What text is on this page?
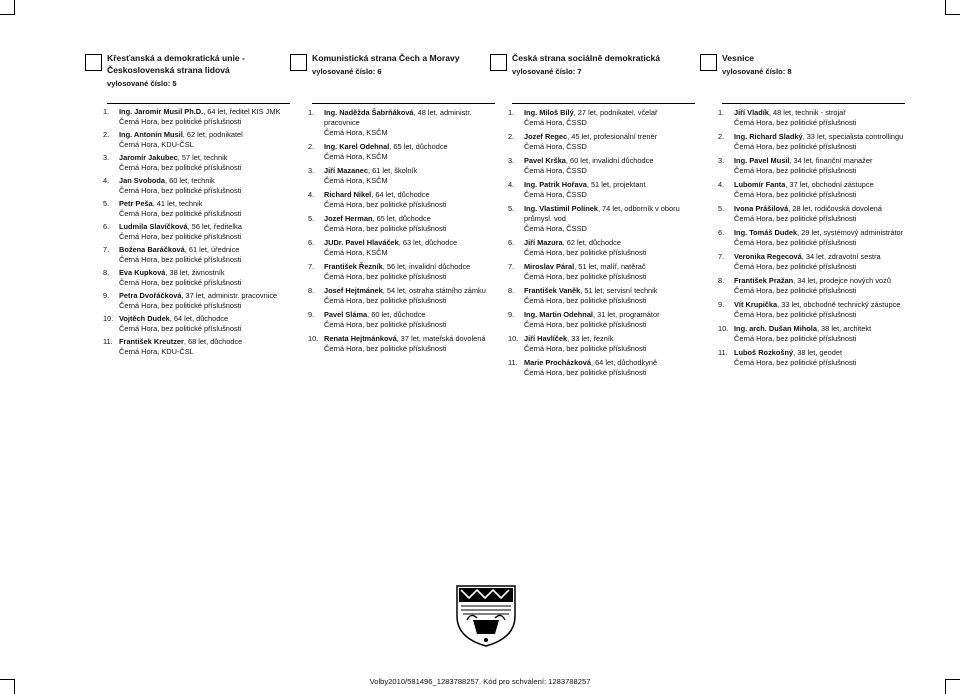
Křesťanská a demokratická unie -
Československá strana lidová
vylosované číslo: 5
1.	Ing. Jaromír Musil Ph.D., 64 let, ředitel KIS JMK
Černá Hora, bez politické příslušnosti
2.	Ing. Antonín Musil, 62 let, podnikatel
Černá Hora, KDU-ČSL
3.	Jaromír Jakubec, 57 let, technik
Černá Hora, bez politické příslušnosti
4.	Jan Svoboda, 60 let, technik
Černá Hora, bez politické příslušnosti
5.	Petr Peša, 41 let, technik
Černá Hora, bez politické příslušnosti
6.	Ludmila Slavíčková, 56 let, ředitelka
Černá Hora, bez politické příslušnosti
7.	Božena Baráčková, 61 let, úřednice
Černá Hora, bez politické příslušnosti
8.	Eva Kupková, 38 let, živnostník
Černá Hora, bez politické příslušnosti
9.	Petra Dvořáčková, 37 let, administr. pracovnice
Černá Hora, bez politické příslušnosti
10. Vojtěch Dudek, 64 let, důchodce
Černá Hora, bez politické příslušnosti
11. František Kreutzer, 68 let, důchodce
Černá Hora, KDU-ČSL
Komunistická strana Čech a Moravy
vylosované číslo: 6
1.	Ing. Naděžda Šabrňáková, 48 let, administr. pracovnice
Černá Hora, KSČM
2.	Ing. Karel Odehnal, 65 let, důchodce
Černá Hora, KSČM
3.	Jiří Mazanec, 61 let, školník
Černá Hora, KSČM
4.	Richard Nikel, 64 let, důchodce
Černá Hora, bez politické příslušnosti
5.	Jozef Herman, 65 let, důchodce
Černá Hora, bez politické příslušnosti
6.	JUDr. Pavel Hlaváček, 63 let, důchodce
Černá Hora, KSČM
7.	František Řezník, 56 let, invalidní důchodce
Černá Hora, bez politické příslušnosti
8.	Josef Hejtmánek, 54 let, ostraha státního zámku
Černá Hora, bez politické příslušnosti
9.	Pavel Sláma, 60 let, důchodce
Černá Hora, bez politické příslušnosti
10. Renata Hejtmánková, 37 let, mateřská dovolená
Černá Hora, bez politické příslušnosti
Česká strana sociálně demokratická
vylosované číslo: 7
1.	Ing. Miloš Bílý, 27 let, podnikatel, včelař
Černá Hora, ČSSD
2.	Jozef Regec, 45 let, profesionální trenér
Černá Hora, ČSSD
3.	Pavel Krška, 60 let, invalidní důchodce
Černá Hora, ČSSD
4.	Ing. Patrik Hořava, 51 let, projektant
Černá Hora, ČSSD
5.	Ing. Vlastimil Polínek, 74 let, odborník v oboru průmysl. vod
Černá Hora, ČSSD
6.	Jiří Mazura, 62 let, důchodce
Černá Hora, bez politické příslušnosti
7.	Miroslav Páral, 51 let, malíř, natěrač
Černá Hora, bez politické příslušnosti
8.	František Vaněk, 51 let, servisní technik
Černá Hora, bez politické příslušnosti
9.	Ing. Martin Odehnal, 31 let, programátor
Černá Hora, bez politické příslušnosti
10. Jiří Havlíček, 33 let, řezník
Černá Hora, bez politické příslušnosti
11. Marie Procházková, 64 let, důchodkyně
Černá Hora, bez politické příslušnosti
Vesnice
vylosované číslo: 8
1.	Jiří Vladík, 48 let, technik - strojař
Černá Hora, bez politické příslušnosti
2.	Ing. Richard Sladký, 33 let, specialista controllingu
Černá Hora, bez politické příslušnosti
3.	Ing. Pavel Musil, 34 let, finanční manažer
Černá Hora, bez politické příslušnosti
4.	Lubomír Fanta, 37 let, obchodní zástupce
Černá Hora, bez politické příslušnosti
5.	Ivona Prášilová, 28 let, rodičovská dovolená
Černá Hora, bez politické příslušnosti
6.	Ing. Tomáš Dudek, 29 let, systémový administrátor
Černá Hora, bez politické příslušnosti
7.	Veronika Regecová, 34 let, zdravotní sestra
Černá Hora, bez politické příslušnosti
8.	František Pražan, 34 let, prodejce nových vozů
Černá Hora, bez politické příslušnosti
9.	Vít Krupička, 33 let, obchodně technický zástupce
Černá Hora, bez politické příslušnosti
10. Ing. arch. Dušan Mihola, 38 let, architekt
Černá Hora, bez politické příslušnosti
11. Luboš Rozkošný, 38 let, geodet
Černá Hora, bez politické příslušnosti
Volby2010/581496_1283788257. Kód pro schválení: 1283788257
